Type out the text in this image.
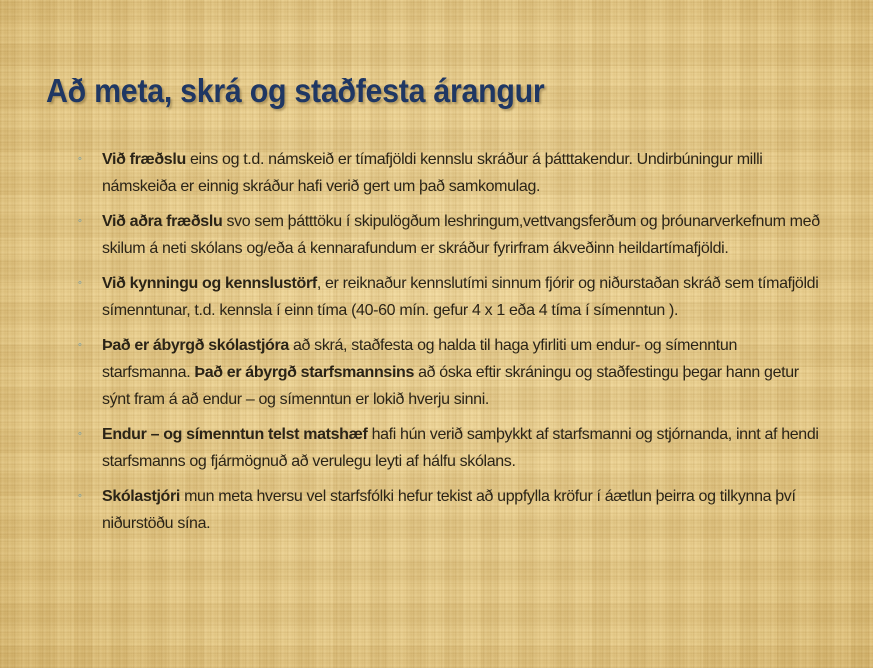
Að meta, skrá og staðfesta árangur
◦	Við fræðslu eins og t.d. námskeið er tímafjöldi kennslu skráður á þátttakendur. Undirbúningur milli námskeiða er einnig skráður hafi verið gert um það samkomulag.
◦	Við aðra fræðslu svo sem þátttöku í skipulögðum leshringum,vettvangsferðum og þróunarverkefnum með skilum á neti skólans og/eða á kennarafundum er skráður fyrirfram ákveðinn heildartímafjöldi.
◦	Við kynningu og kennslustörf, er reiknaður kennslutími sinnum fjórir og niðurstaðan skráð sem tímafjöldi símenntunar, t.d. kennsla í einn tíma (40-60 mín. gefur 4 x 1 eða 4 tíma í símenntun ).
◦	Það er ábyrgð skólastjóra að skrá, staðfesta og halda til haga yfirliti um endur- og símenntun starfsmanna. Það er ábyrgð starfsmannsins að óska eftir skráningu og staðfestingu þegar hann getur sýnt fram á að endur – og símenntun er lokið hverju sinni.
◦	Endur – og símenntun telst matshæf hafi hún verið samþykkt af starfsmanni og stjórnanda, innt af hendi starfsmanns og fjármögnuð að verulegu leyti af hálfu skólans.
◦	Skólastjóri mun meta hversu vel starfsfólki hefur tekist að uppfylla kröfur í áætlun þeirra og tilkynna því niðurstöðu sína.
